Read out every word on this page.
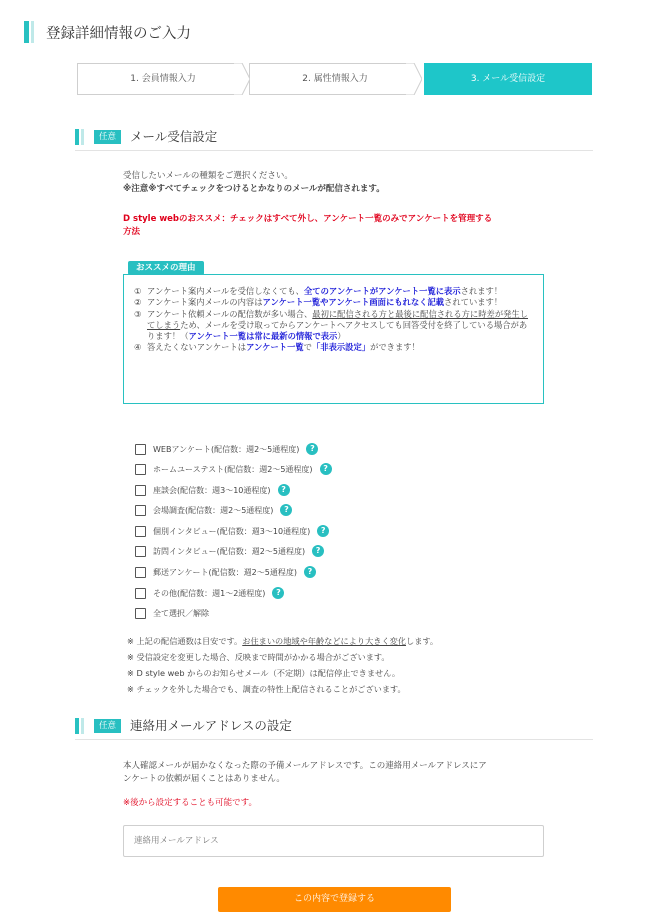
登録詳細情報のご入力
1. 会員情報入力	2. 属性情報入力	3. メール受信設定
任意	メール受信設定
受信したいメールの種類をご選択ください。
※注意※すべてチェックをつけるとかなりのメールが配信されます。
D style webのおススメ：チェックはすべて外し、アンケート一覧のみでアンケートを管理する
方法
① アンケート案内メールを受信しなくても、全てのアンケートがアンケート一覧に表示されます！
② アンケート案内メールの内容はアンケート一覧やアンケート画面にもれなく記載されています！
③ アンケート依頼メールの配信数が多い場合、最初に配信される方と最後に配信される方に時差が発生してしまうため、メールを受け取ってからアンケートへアクセスしても回答受付を終了している場合があります！（アンケート一覧は常に最新の情報で表示）
④ 答えたくないアンケートはアンケート一覧で「非表示設定」ができます！
おススメの理由
WEBアンケート(配信数：週2～5通程度)	?
ホームユーステスト(配信数：週2～5通程度)	?
座談会(配信数：週3～10通程度)	?
会場調査(配信数：週2～5通程度)	?
個別インタビュー(配信数：週3～10通程度)	?
訪問インタビュー(配信数：週2～5通程度)	?
郵送アンケート(配信数：週2～5通程度)	?
その他(配信数：週1～2通程度)	?
全て選択／解除
※ 上記の配信通数は目安です。お住まいの地域や年齢などにより大きく変化します。
※ 受信設定を変更した場合、反映まで時間がかかる場合がございます。
※ D style web からのお知らせメール（不定期）は配信停止できません。
※ チェックを外した場合でも、調査の特性上配信されることがございます。
任意	連絡用メールアドレスの設定
本人確認メールが届かなくなった際の予備メールアドレスです。この連絡用メールアドレスにア
ンケートの依頼が届くことはありません。
※後から設定することも可能です。
連絡用メールアドレス
この内容で登録する
